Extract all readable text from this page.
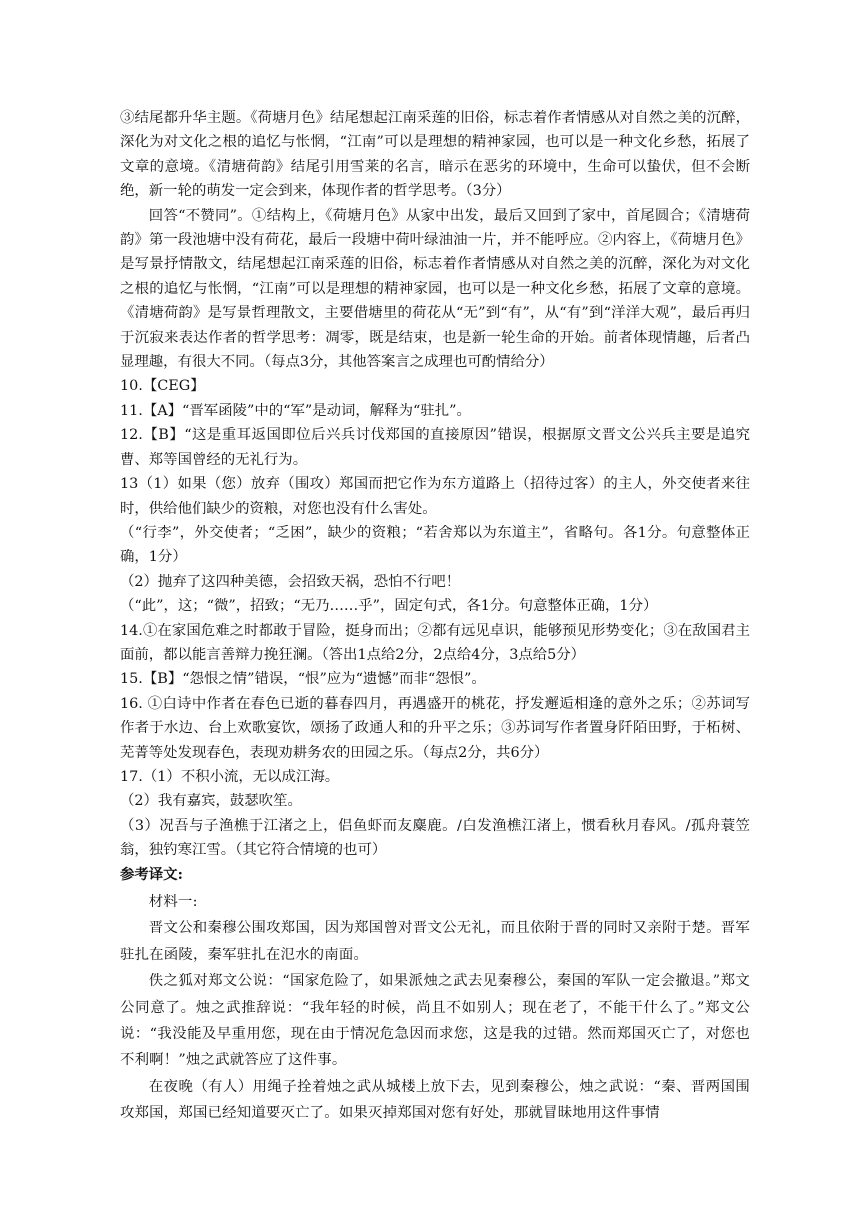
③结尾都升华主题。《荷塘月色》结尾想起江南采莲的旧俗，标志着作者情感从对自然之美的沉醉，深化为对文化之根的追忆与怅惘，“江南”可以是理想的精神家园，也可以是一种文化乡愁，拓展了文章的意境。《清塘荷韵》结尾引用雪莱的名言，暗示在恶劣的环境中，生命可以蛰伏，但不会断绝，新一轮的萌发一定会到来，体现作者的哲学思考。（3分）

回答“不赞同”。①结构上，《荷塘月色》从家中出发，最后又回到了家中，首尾圆合；《清塘荷韵》第一段池塘中没有荷花，最后一段塘中荷叶绿油油一片，并不能呼应。②内容上，《荷塘月色》是写景抒情散文，结尾想起江南采莲的旧俗，标志着作者情感从对自然之美的沉醉，深化为对文化之根的追忆与怅惘，“江南”可以是理想的精神家园，也可以是一种文化乡愁，拓展了文章的意境。《清塘荷韵》是写景哲理散文，主要借塘里的荷花从“无”到“有”，从“有”到“洋洋大观”，最后再归于沉寂来表达作者的哲学思考：凋零，既是结束，也是新一轮生命的开始。前者体现情趣，后者凸显理趣，有很大不同。（每点3分，其他答案言之成理也可酌情给分）

10.【CEG】

11.【A】“晋军函陵”中的“军”是动词，解释为“驻扎”。

12.【B】“这是重耳返国即位后兴兵讨伐郑国的直接原因”错误，根据原文晋文公兴兵主要是追究曹、郑等国曾经的无礼行为。

13（1）如果（您）放弃（围攻）郑国而把它作为东方道路上（招待过客）的主人，外交使者来往时，供给他们缺少的资粮，对您也没有什么害处。

（“行李”，外交使者；“乏困”，缺少的资粮；“若舍郑以为东道主”，省略句。各1分。句意整体正确，1分）

（2）抛弃了这四种美德，会招致天祸，恐怕不行吧！

（“此”，这；“微”，招致；“无乃……乎”，固定句式，各1分。句意整体正确，1分）

14.①在家国危难之时都敢于冒险，挺身而出；②都有远见卓识，能够预见形势变化；③在敌国君主面前，都以能言善辩力挽狂澜。（答出1点给2分，2点给4分，3点给5分）

15.【B】“怨恨之情”错误，“恨”应为“遗憾”而非“怨恨”。

16. ①白诗中作者在春色已逝的暮春四月，再遇盛开的桃花，抒发邂逅相逢的意外之乐；②苏词写作者于水边、台上欢歌宴饮，颂扬了政通人和的升平之乐；③苏词写作者置身阡陌田野，于柘树、芜菁等处发现春色，表现劝耕务农的田园之乐。（每点2分，共6分）

17.（1）不积小流，无以成江海。

（2）我有嘉宾，鼓瑟吹笙。

（3）况吾与子渔樵于江渚之上，侣鱼虾而友麋鹿。/白发渔樵江渚上，惯看秋月春风。/孤舟蓑笠翁，独钓寒江雪。（其它符合情境的也可）

参考译文:

材料一:

晋文公和秦穆公围攻郑国，因为郑国曾对晋文公无礼，而且依附于晋的同时又亲附于楚。晋军驻扎在函陵，秦军驻扎在氾水的南面。

佚之狐对郑文公说：“国家危险了，如果派烛之武去见秦穆公，秦国的军队一定会撤退。”郑文公同意了。烛之武推辞说：“我年轻的时候，尚且不如别人；现在老了，不能干什么了。”郑文公说：“我没能及早重用您，现在由于情况危急因而求您，这是我的过错。然而郑国灭亡了，对您也不利啊！”烛之武就答应了这件事。

在夜晚（有人）用绳子拴着烛之武从城楼上放下去，见到秦穆公，烛之武说：“秦、晋两国围攻郑国，郑国已经知道要灭亡了。如果灭掉郑国对您有好处，那就冒昧地用这件事情
